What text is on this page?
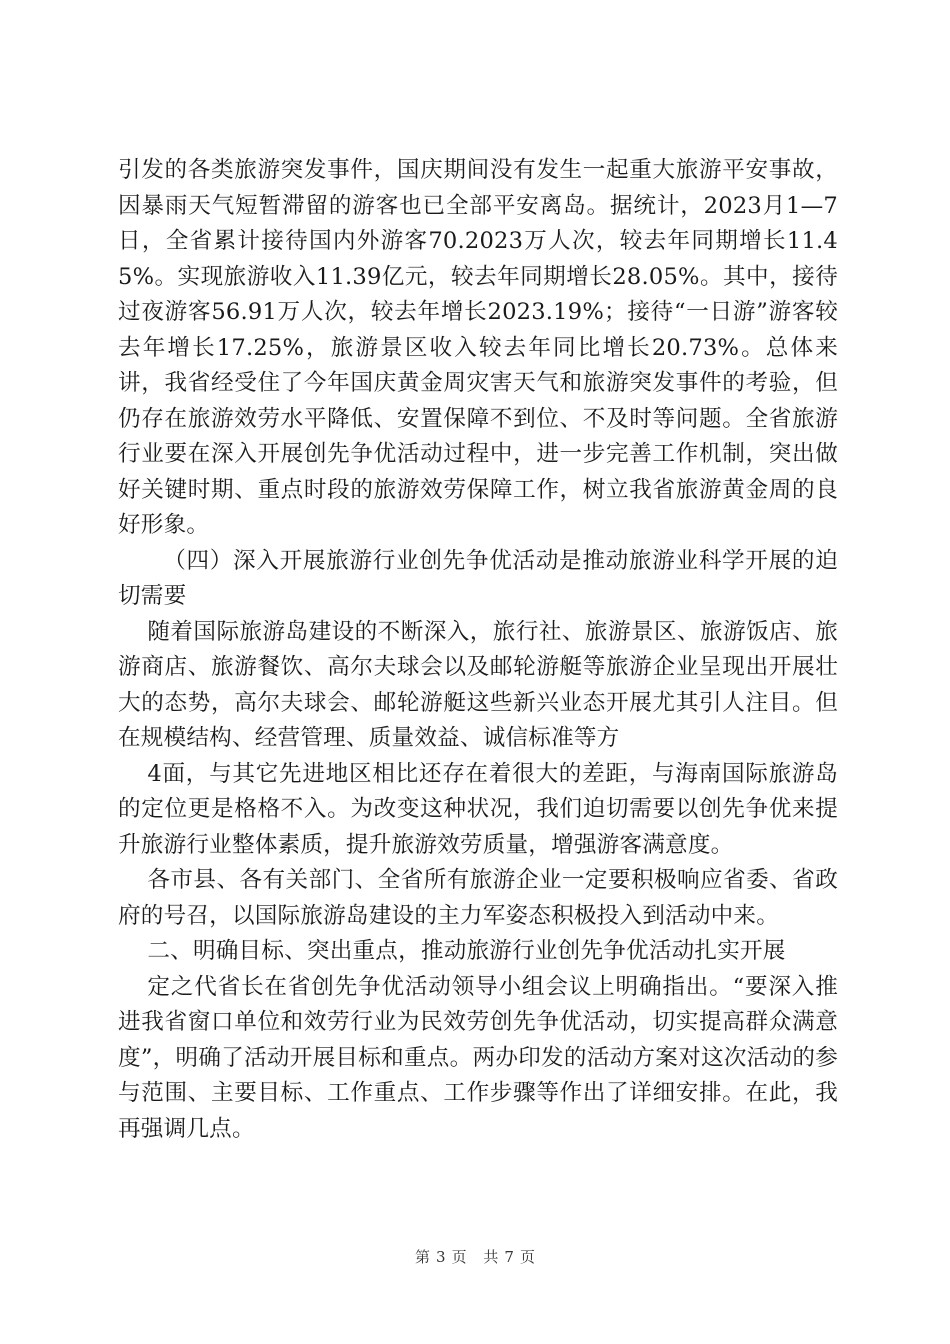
引发的各类旅游突发事件，国庆期间没有发生一起重大旅游平安事故，因暴雨天气短暂滞留的游客也已全部平安离岛。据统计，2023月1—7日，全省累计接待国内外游客70.2023万人次，较去年同期增长11.45%。实现旅游收入11.39亿元，较去年同期增长28.05%。其中，接待过夜游客56.91万人次，较去年增长2023.19%；接待“一日游”游客较去年增长17.25%，旅游景区收入较去年同比增长20.73%。总体来讲，我省经受住了今年国庆黄金周灾害天气和旅游突发事件的考验，但仍存在旅游效劳水平降低、安置保障不到位、不及时等问题。全省旅游行业要在深入开展创先争优活动过程中，进一步完善工作机制，突出做好关键时期、重点时段的旅游效劳保障工作，树立我省旅游黄金周的良好形象。

（四）深入开展旅游行业创先争优活动是推动旅游业科学开展的迫切需要

随着国际旅游岛建设的不断深入，旅行社、旅游景区、旅游饭店、旅游商店、旅游餐饮、高尔夫球会以及邮轮游艇等旅游企业呈现出开展壮大的态势，高尔夫球会、邮轮游艇这些新兴业态开展尤其引人注目。但在规模结构、经营管理、质量效益、诚信标准等方

4面，与其它先进地区相比还存在着很大的差距，与海南国际旅游岛的定位更是格格不入。为改变这种状况，我们迫切需要以创先争优来提升旅游行业整体素质，提升旅游效劳质量，增强游客满意度。

各市县、各有关部门、全省所有旅游企业一定要积极响应省委、省政府的号召，以国际旅游岛建设的主力军姿态积极投入到活动中来。

二、明确目标、突出重点，推动旅游行业创先争优活动扎实开展

定之代省长在省创先争优活动领导小组会议上明确指出。“要深入推进我省窗口单位和效劳行业为民效劳创先争优活动，切实提高群众满意度”，明确了活动开展目标和重点。两办印发的活动方案对这次活动的参与范围、主要目标、工作重点、工作步骤等作出了详细安排。在此，我再强调几点。

第 3 页 共 7 页
